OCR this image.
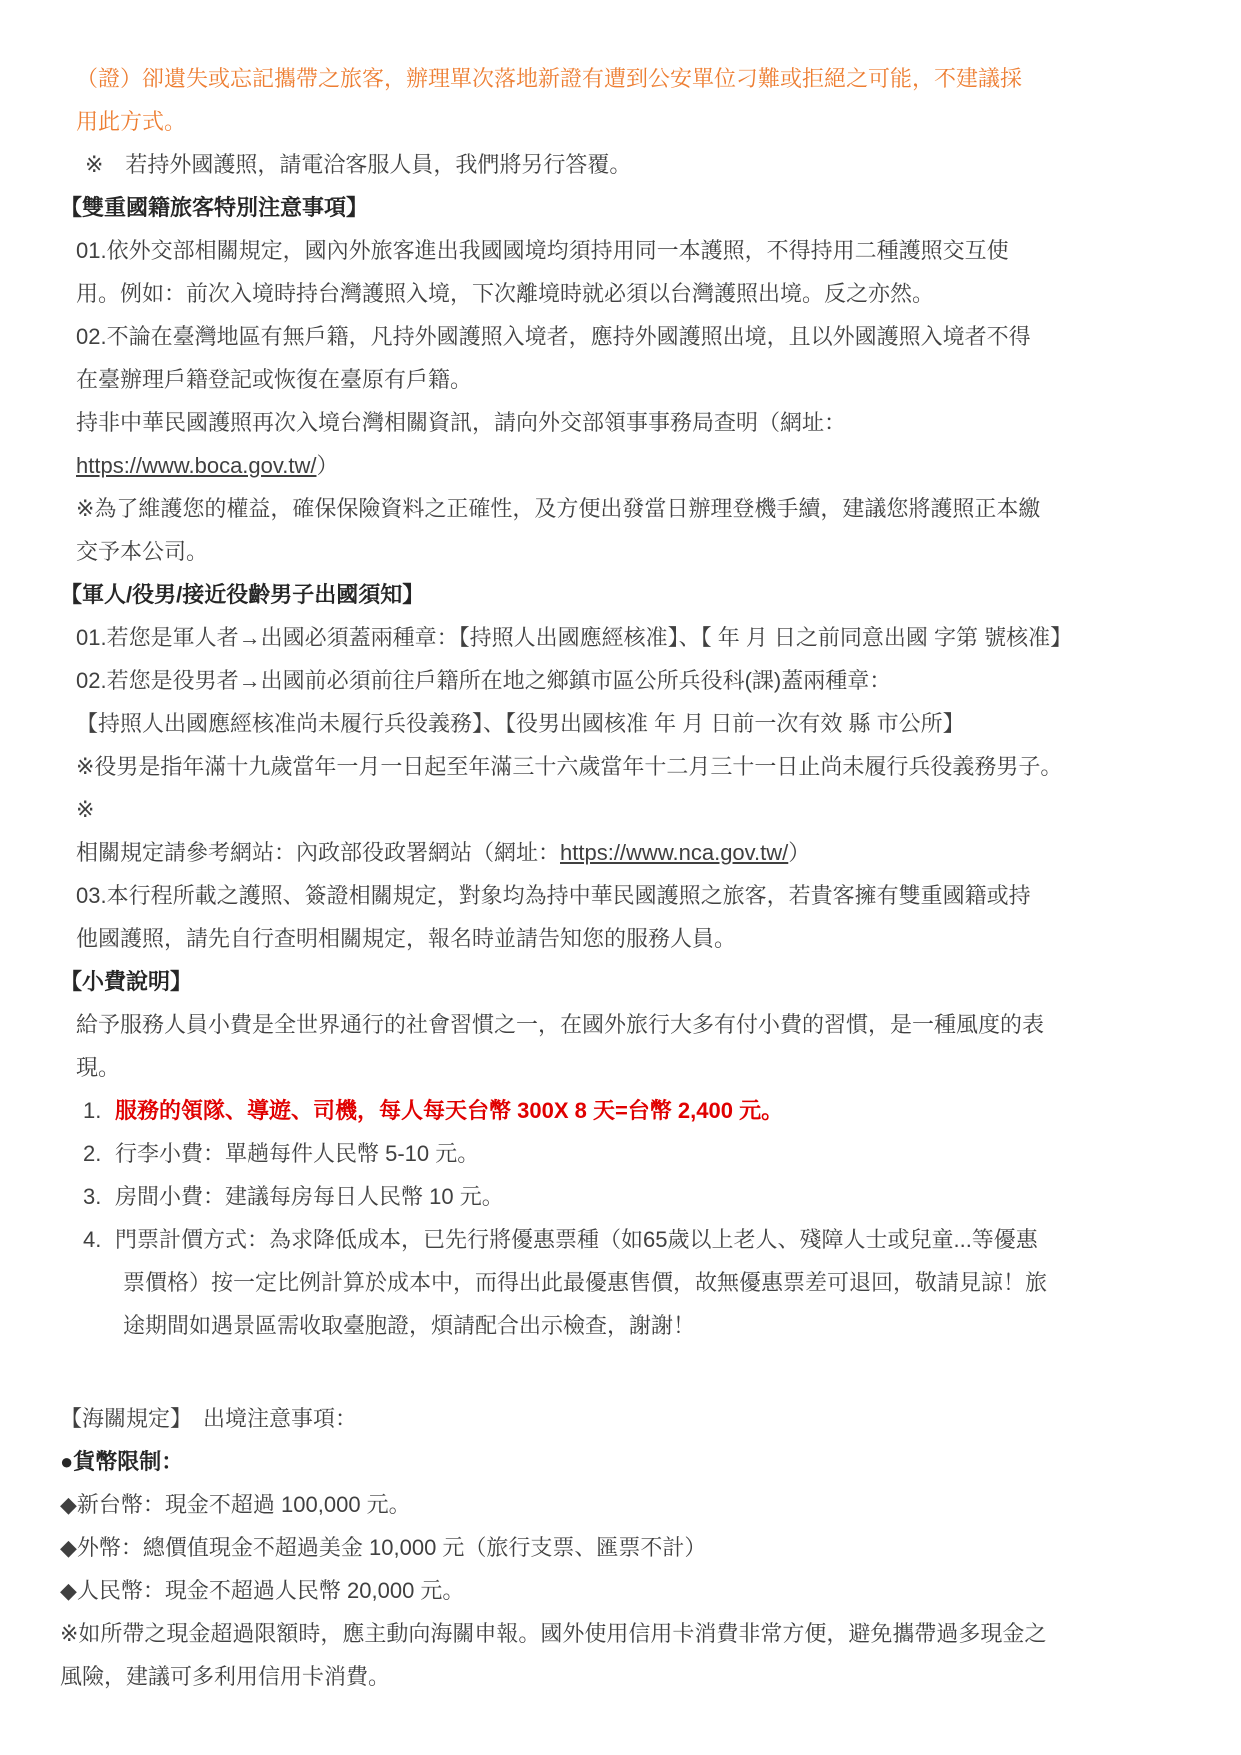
（證）卻遺失或忘記攜帶之旅客，辦理單次落地新證有遭到公安單位刁難或拒絕之可能，不建議採
用此方式。
※　若持外國護照，請電洽客服人員，我們將另行答覆。
【雙重國籍旅客特別注意事項】
01.依外交部相關規定，國內外旅客進出我國國境均須持用同一本護照，不得持用二種護照交互使
用。例如：前次入境時持台灣護照入境，下次離境時就必須以台灣護照出境。反之亦然。
02.不論在臺灣地區有無戶籍，凡持外國護照入境者，應持外國護照出境，且以外國護照入境者不得
在臺辦理戶籍登記或恢復在臺原有戶籍。
持非中華民國護照再次入境台灣相關資訊，請向外交部領事事務局查明（網址：
https://www.boca.gov.tw/）
※為了維護您的權益，確保保險資料之正確性，及方便出發當日辦理登機手續，建議您將護照正本繳
交予本公司。
【軍人/役男/接近役齡男子出國須知】
01.若您是軍人者→出國必須蓋兩種章：【持照人出國應經核准】、【 年 月 日之前同意出國 字第 號核准】
02.若您是役男者→出國前必須前往戶籍所在地之鄉鎮市區公所兵役科(課)蓋兩種章：
【持照人出國應經核准尚未履行兵役義務】、【役男出國核准 年 月 日前一次有效 縣 市公所】
※役男是指年滿十九歲當年一月一日起至年滿三十六歲當年十二月三十一日止尚未履行兵役義務男子。
※
相關規定請參考網站：內政部役政署網站（網址：https://www.nca.gov.tw/）
03.本行程所載之護照、簽證相關規定，對象均為持中華民國護照之旅客，若貴客擁有雙重國籍或持
他國護照，請先自行查明相關規定，報名時並請告知您的服務人員。
【小費說明】
給予服務人員小費是全世界通行的社會習慣之一，在國外旅行大多有付小費的習慣，是一種風度的表
現。
1. 服務的領隊、導遊、司機，每人每天台幣 300X 8 天=台幣 2,400 元。
2. 行李小費：單趟每件人民幣 5-10 元。
3. 房間小費：建議每房每日人民幣 10 元。
4. 門票計價方式：為求降低成本，已先行將優惠票種（如65歲以上老人、殘障人士或兒童...等優惠
票價格）按一定比例計算於成本中，而得出此最優惠售價，故無優惠票差可退回，敬請見諒！旅
途期間如遇景區需收取臺胞證，煩請配合出示檢查，謝謝！
【海關規定】　出境注意事項：
●貨幣限制：
◆新台幣：現金不超過 100,000 元。
◆外幣：總價值現金不超過美金 10,000 元（旅行支票、匯票不計）
◆人民幣：現金不超過人民幣 20,000 元。
※如所帶之現金超過限額時，應主動向海關申報。國外使用信用卡消費非常方便，避免攜帶過多現金之
風險，建議可多利用信用卡消費。
